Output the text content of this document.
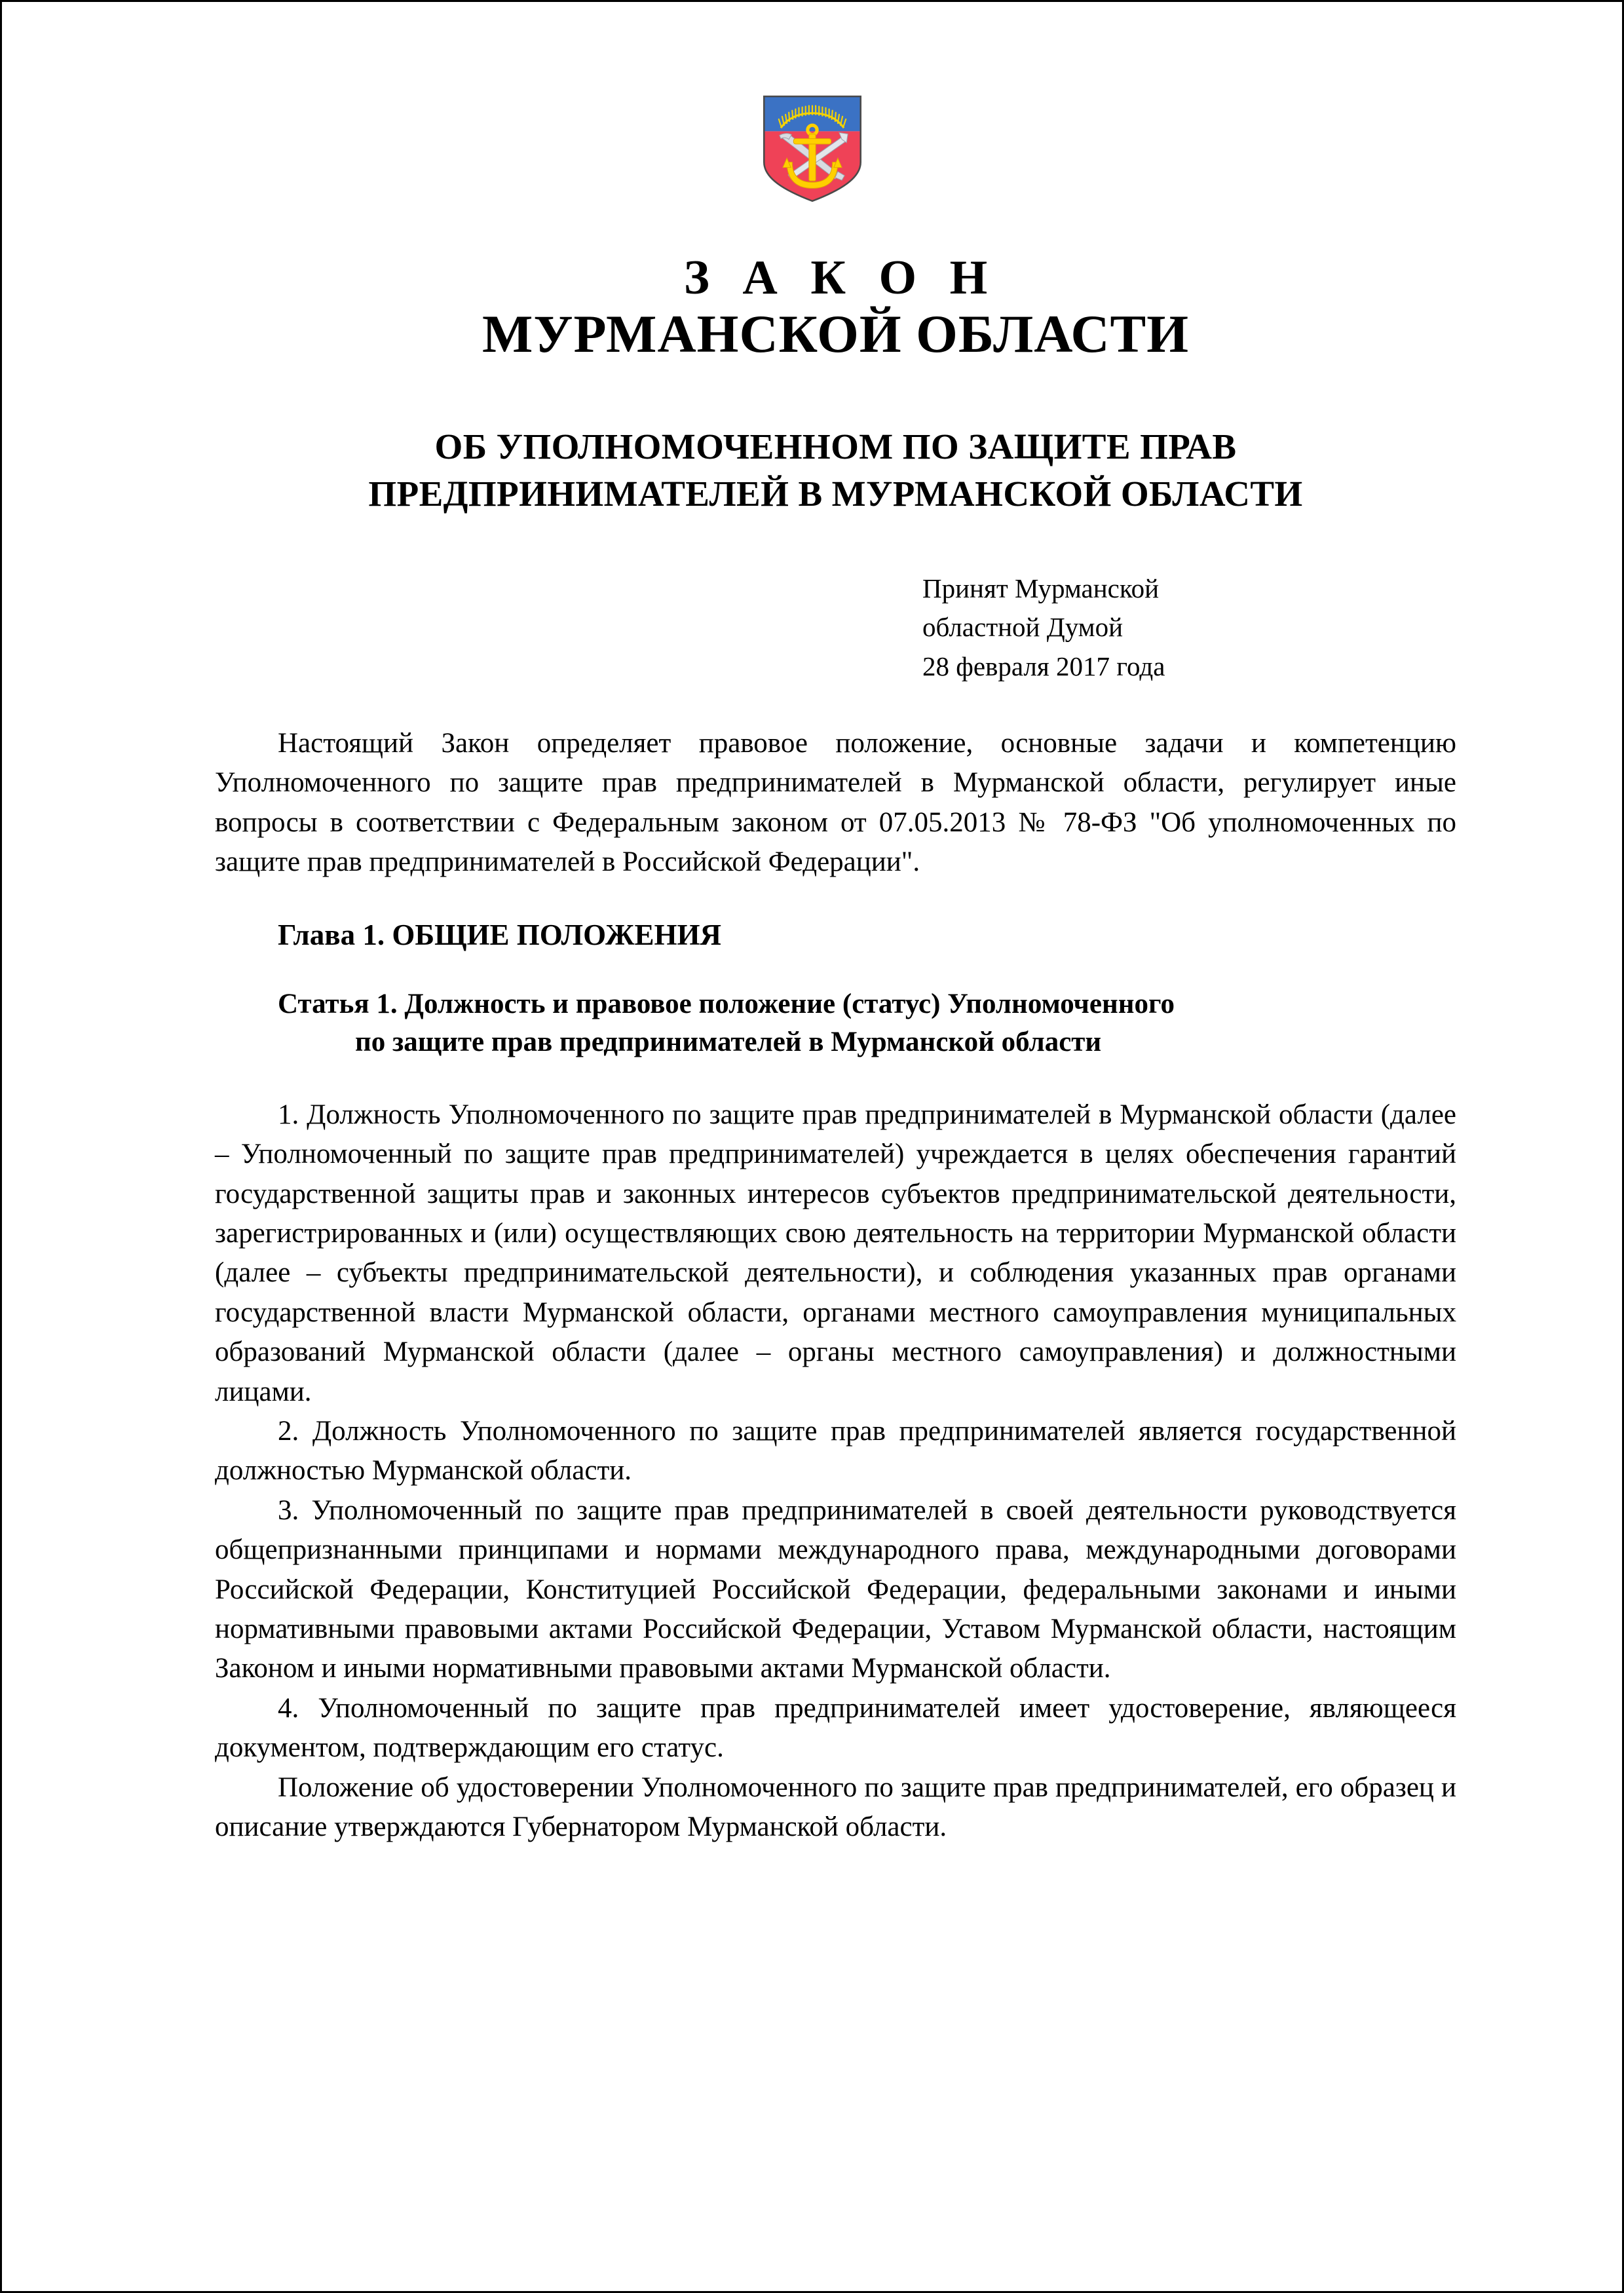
З А К О Н
МУРМАНСКОЙ ОБЛАСТИ
ОБ УПОЛНОМОЧЕННОМ ПО ЗАЩИТЕ ПРАВ
ПРЕДПРИНИМАТЕЛЕЙ В МУРМАНСКОЙ ОБЛАСТИ
Принят Мурманской
областной Думой
28 февраля 2017 года

Настоящий Закон определяет правовое положение, основные задачи и компетенцию Уполномоченного по защите прав предпринимателей в Мурманской области, регулирует иные вопросы в соответствии с Федеральным законом от 07.05.2013 № 78-ФЗ "Об уполномоченных по защите прав предпринимателей в Российской Федерации".

Глава 1. ОБЩИЕ ПОЛОЖЕНИЯ
Статья 1. Должность и правовое положение (статус) Уполномоченного
по защите прав предпринимателей в Мурманской области

1. Должность Уполномоченного по защите прав предпринимателей в Мурманской области (далее – Уполномоченный по защите прав предпринимателей) учреждается в целях обеспечения гарантий государственной защиты прав и законных интересов субъектов предпринимательской деятельности, зарегистрированных и (или) осуществляющих свою деятельность на территории Мурманской области (далее – субъекты предпринимательской деятельности), и соблюдения указанных прав органами государственной власти Мурманской области, органами местного самоуправления муниципальных образований Мурманской области (далее – органы местного самоуправления) и должностными лицами.

2. Должность Уполномоченного по защите прав предпринимателей является государственной должностью Мурманской области.

3. Уполномоченный по защите прав предпринимателей в своей деятельности руководствуется общепризнанными принципами и нормами международного права, международными договорами Российской Федерации, Конституцией Российской Федерации, федеральными законами и иными нормативными правовыми актами Российской Федерации, Уставом Мурманской области, настоящим Законом и иными нормативными правовыми актами Мурманской области.

4. Уполномоченный по защите прав предпринимателей имеет удостоверение, являющееся документом, подтверждающим его статус.

Положение об удостоверении Уполномоченного по защите прав предпринимателей, его образец и описание утверждаются Губернатором Мурманской области.
